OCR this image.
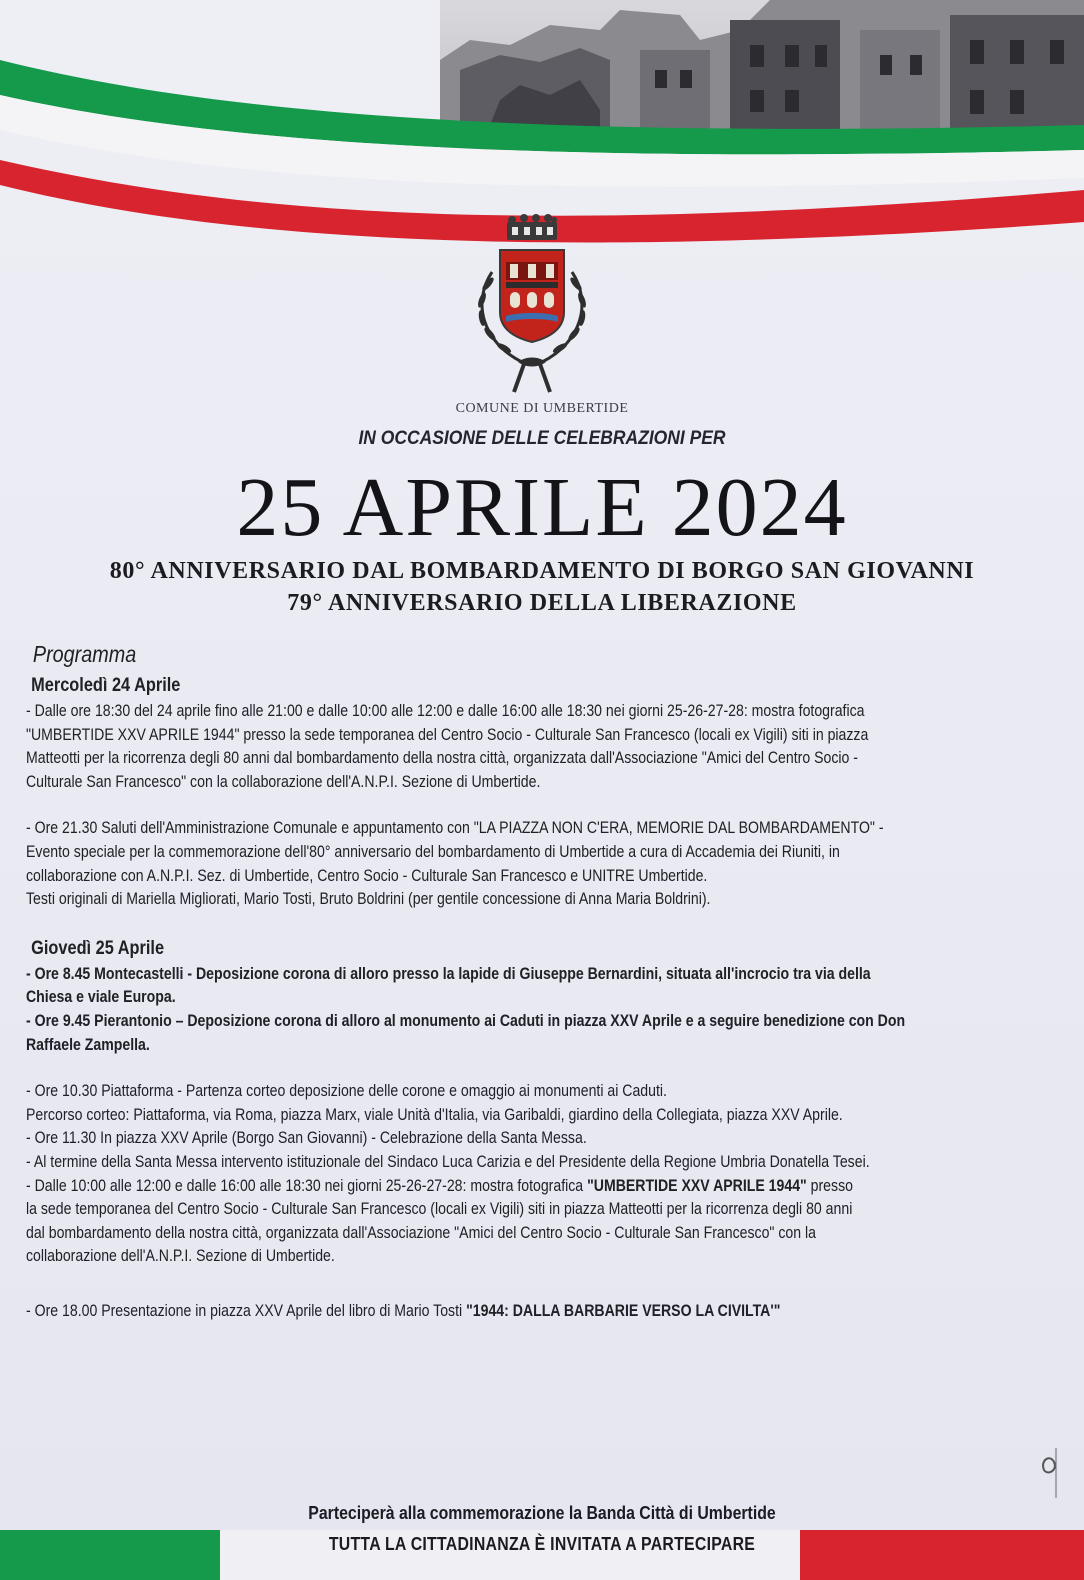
COMUNE DI UMBERTIDE
IN OCCASIONE DELLE CELEBRAZIONI PER
25 APRILE 2024
80° ANNIVERSARIO DAL BOMBARDAMENTO DI BORGO SAN GIOVANNI
79° ANNIVERSARIO DELLA LIBERAZIONE

Programma

Mercoledì 24 Aprile

- Dalle ore 18:30 del 24 aprile fino alle 21:00 e dalle 10:00 alle 12:00 e dalle 16:00 alle 18:30 nei giorni 25-26-27-28: mostra fotografica

"UMBERTIDE XXV APRILE 1944" presso la sede temporanea del Centro Socio - Culturale San Francesco (locali ex Vigili) siti in piazza

Matteotti per la ricorrenza degli 80 anni dal bombardamento della nostra città, organizzata dall'Associazione "Amici del Centro Socio -

Culturale San Francesco" con la collaborazione dell'A.N.P.I. Sezione di Umbertide.

- Ore 21.30 Saluti dell'Amministrazione Comunale e appuntamento con "LA PIAZZA NON C'ERA, MEMORIE DAL BOMBARDAMENTO" -

Evento speciale per la commemorazione dell'80° anniversario del bombardamento di Umbertide a cura di Accademia dei Riuniti, in

collaborazione con A.N.P.I. Sez. di Umbertide, Centro Socio - Culturale San Francesco e UNITRE Umbertide.

Testi originali di Mariella Migliorati, Mario Tosti, Bruto Boldrini (per gentile concessione di Anna Maria Boldrini).

Giovedì 25 Aprile

- Ore 8.45 Montecastelli - Deposizione corona di alloro presso la lapide di Giuseppe Bernardini, situata all'incrocio tra via della

Chiesa e viale Europa.

- Ore 9.45 Pierantonio – Deposizione corona di alloro al monumento ai Caduti in piazza XXV Aprile e a seguire benedizione con Don

Raffaele Zampella.

- Ore 10.30 Piattaforma - Partenza corteo deposizione delle corone e omaggio ai monumenti ai Caduti.

Percorso corteo: Piattaforma, via Roma, piazza Marx, viale Unità d'Italia, via Garibaldi, giardino della Collegiata, piazza XXV Aprile.

- Ore 11.30 In piazza XXV Aprile (Borgo San Giovanni) - Celebrazione della Santa Messa.

- Al termine della Santa Messa intervento istituzionale del Sindaco Luca Carizia e del Presidente della Regione Umbria Donatella Tesei.

- Dalle 10:00 alle 12:00 e dalle 16:00 alle 18:30 nei giorni 25-26-27-28: mostra fotografica "UMBERTIDE XXV APRILE 1944" presso

la sede temporanea del Centro Socio - Culturale San Francesco (locali ex Vigili) siti in piazza Matteotti per la ricorrenza degli 80 anni

dal bombardamento della nostra città, organizzata dall'Associazione "Amici del Centro Socio - Culturale San Francesco" con la

collaborazione dell'A.N.P.I. Sezione di Umbertide.

- Ore 18.00 Presentazione in piazza XXV Aprile del libro di Mario Tosti "1944: DALLA BARBARIE VERSO LA CIVILTA'"

Parteciperà alla commemorazione la Banda Città di Umbertide
TUTTA LA CITTADINANZA È INVITATA A PARTECIPARE
